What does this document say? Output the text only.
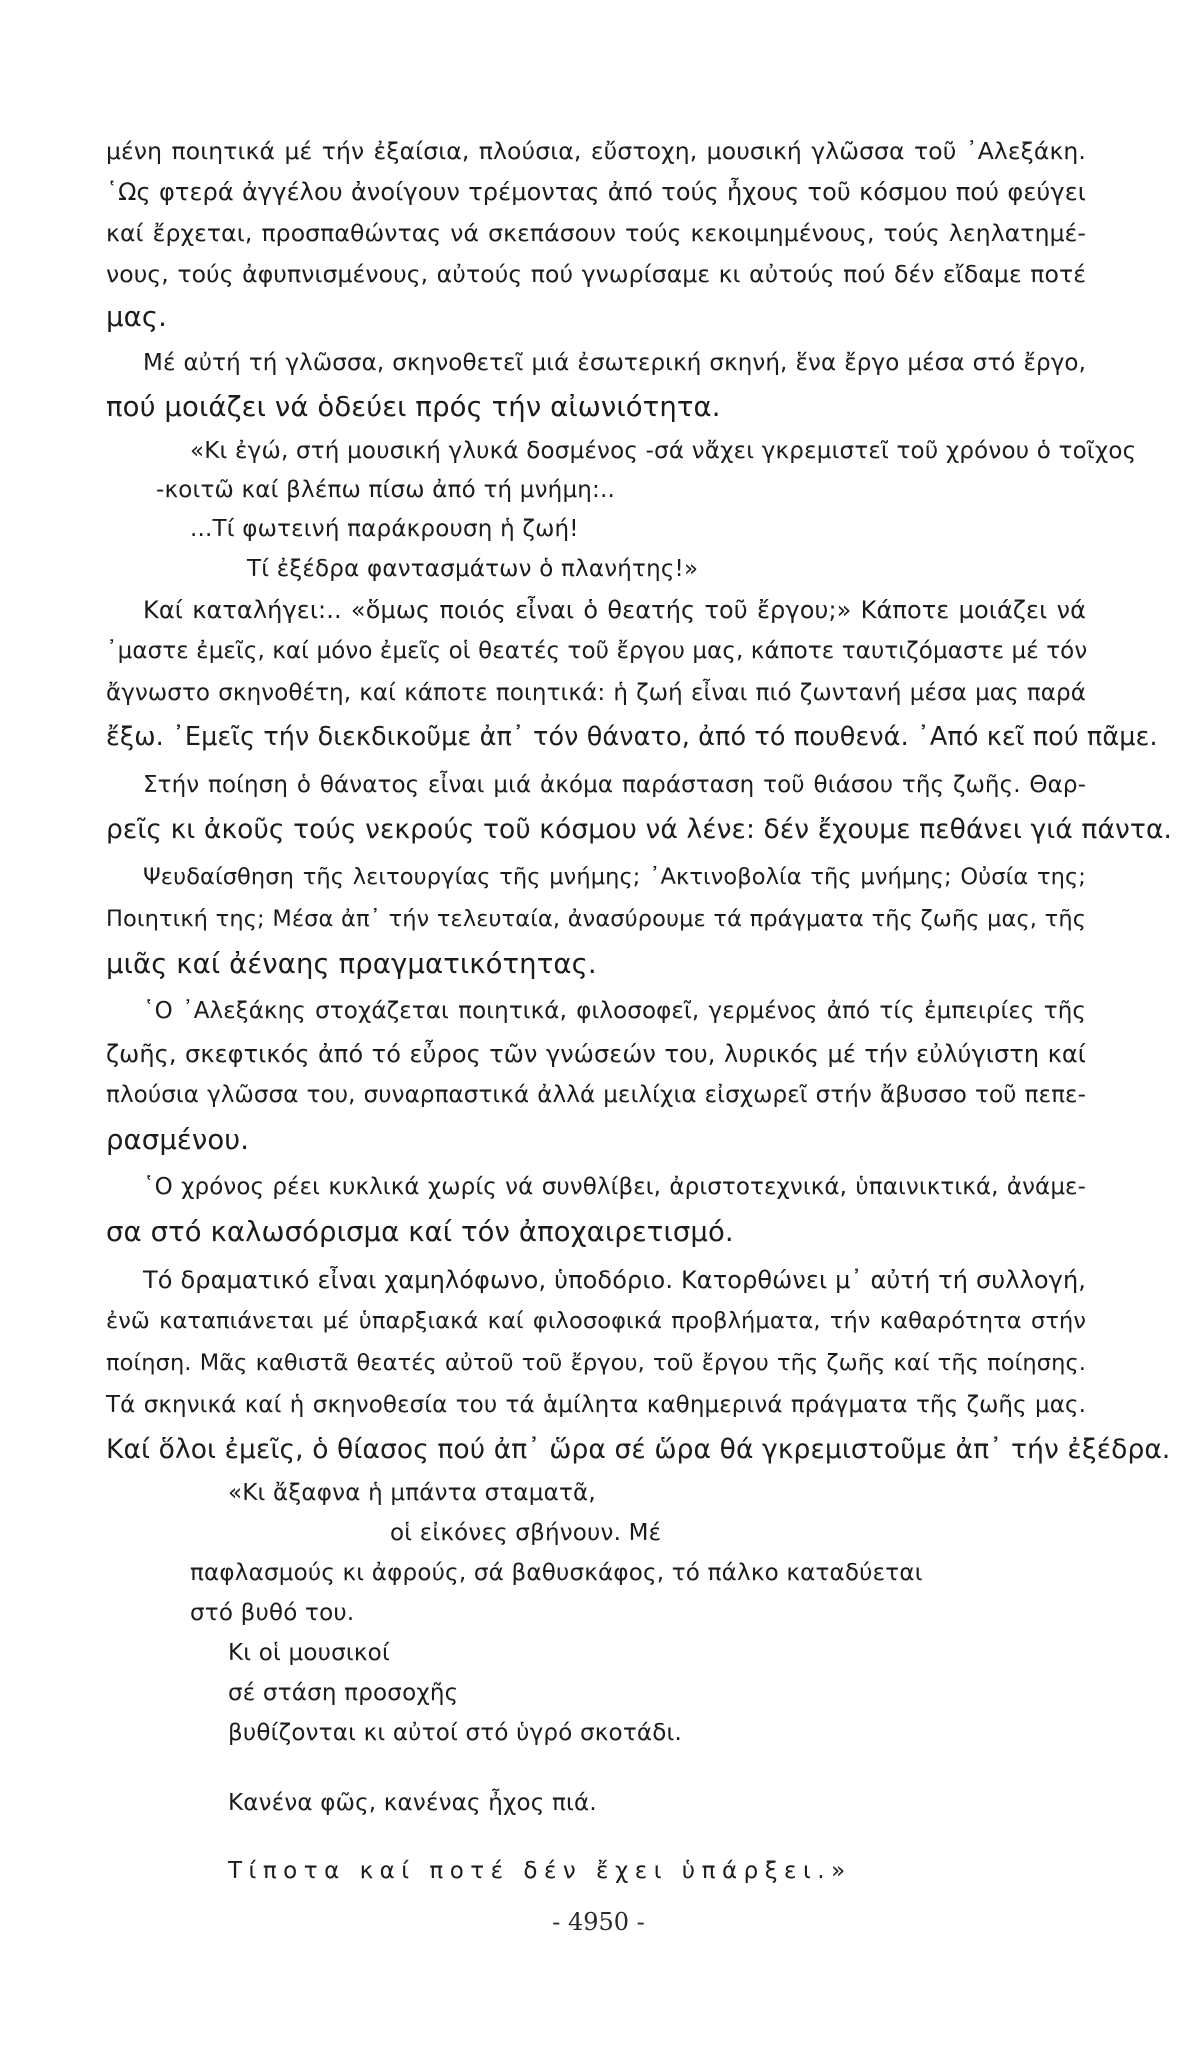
μένη ποιητικά μέ τήν ἐξαίσια, πλούσια, εὔστοχη, μουσική γλῶσσα τοῦ ᾿Αλεξάκη.

῾Ως φτερά ἀγγέλου ἀνοίγουν τρέμοντας ἀπό τούς ἦχους τοῦ κόσμου πού φεύγει

καί ἔρχεται, προσπαθώντας νά σκεπάσουν τούς κεκοιμημένους, τούς λεηλατημέ-

νους, τούς ἀφυπνισμένους, αὐτούς πού γνωρίσαμε κι αὐτούς πού δέν εἴδαμε ποτέ

μας.

Μέ αὐτή τή γλῶσσα, σκηνοθετεῖ μιά ἐσωτερική σκηνή, ἕνα ἔργο μέσα στό ἔργο,

πού μοιάζει νά ὁδεύει πρός τήν αἰωνιότητα.

«Κι ἐγώ, στή μουσική γλυκά δοσμένος -σά νἄχει γκρεμιστεῖ τοῦ χρόνου ὁ τοῖχος

-κοιτῶ καί βλέπω πίσω ἀπό τή μνήμη:..

...Τί φωτεινή παράκρουση ἡ ζωή!

Τί ἐξέδρα φαντασμάτων ὁ πλανήτης!»

Καί καταλήγει:.. «ὅμως ποιός εἶναι ὁ θεατής τοῦ ἔργου;» Κάποτε μοιάζει νά

᾿μαστε ἐμεῖς, καί μόνο ἐμεῖς οἱ θεατές τοῦ ἔργου μας, κάποτε ταυτιζόμαστε μέ τόν

ἄγνωστο σκηνοθέτη, καί κάποτε ποιητικά: ἡ ζωή εἶναι πιό ζωντανή μέσα μας παρά

ἔξω. ᾿Εμεῖς τήν διεκδικοῦμε ἀπ᾿ τόν θάνατο, ἀπό τό πουθενά. ᾿Από κεῖ πού πᾶμε.

Στήν ποίηση ὁ θάνατος εἶναι μιά ἀκόμα παράσταση τοῦ θιάσου τῆς ζωῆς. Θαρ-

ρεῖς κι ἀκοῦς τούς νεκρούς τοῦ κόσμου νά λένε: δέν ἔχουμε πεθάνει γιά πάντα.

Ψευδαίσθηση τῆς λειτουργίας τῆς μνήμης; ᾿Ακτινοβολία τῆς μνήμης; Οὐσία της;

Ποιητική της; Μέσα ἀπ᾿ τήν τελευταία, ἀνασύρουμε τά πράγματα τῆς ζωῆς μας, τῆς

μιᾶς καί ἀέναης πραγματικότητας.

῾Ο ᾿Αλεξάκης στοχάζεται ποιητικά, φιλοσοφεῖ, γερμένος ἀπό τίς ἐμπειρίες τῆς

ζωῆς, σκεφτικός ἀπό τό εὖρος τῶν γνώσεών του, λυρικός μέ τήν εὐλύγιστη καί

πλούσια γλῶσσα του, συναρπαστικά ἀλλά μειλίχια εἰσχωρεῖ στήν ἄβυσσο τοῦ πεπε-

ρασμένου.

῾Ο χρόνος ρέει κυκλικά χωρίς νά συνθλίβει, ἀριστοτεχνικά, ὑπαινικτικά, ἀνάμε-

σα στό καλωσόρισμα καί τόν ἀποχαιρετισμό.

Τό δραματικό εἶναι χαμηλόφωνο, ὑποδόριο. Κατορθώνει μ᾿ αὐτή τή συλλογή,

ἐνῶ καταπιάνεται μέ ὑπαρξιακά καί φιλοσοφικά προβλήματα, τήν καθαρότητα στήν

ποίηση. Μᾶς καθιστᾶ θεατές αὐτοῦ τοῦ ἔργου, τοῦ ἔργου τῆς ζωῆς καί τῆς ποίησης.

Τά σκηνικά καί ἡ σκηνοθεσία του τά ἁμίλητα καθημερινά πράγματα τῆς ζωῆς μας.

Καί ὅλοι ἐμεῖς, ὁ θίασος πού ἀπ᾿ ὥρα σέ ὥρα θά γκρεμιστοῦμε ἀπ᾿ τήν ἐξέδρα.

«Κι ἄξαφνα ἡ μπάντα σταματᾶ,

οἱ εἰκόνες σβήνουν. Μέ

παφλασμούς κι ἀφρούς, σά βαθυσκάφος, τό πάλκο καταδύεται

στό βυθό του.

Κι οἱ μουσικοί

σέ στάση προσοχῆς

βυθίζονται κι αὐτοί στό ὑγρό σκοτάδι.

Κανένα φῶς, κανένας ἦχος πιά.

Τίποτα καί ποτέ δέν ἔχει ὑπάρξει.»

- 4950 -
